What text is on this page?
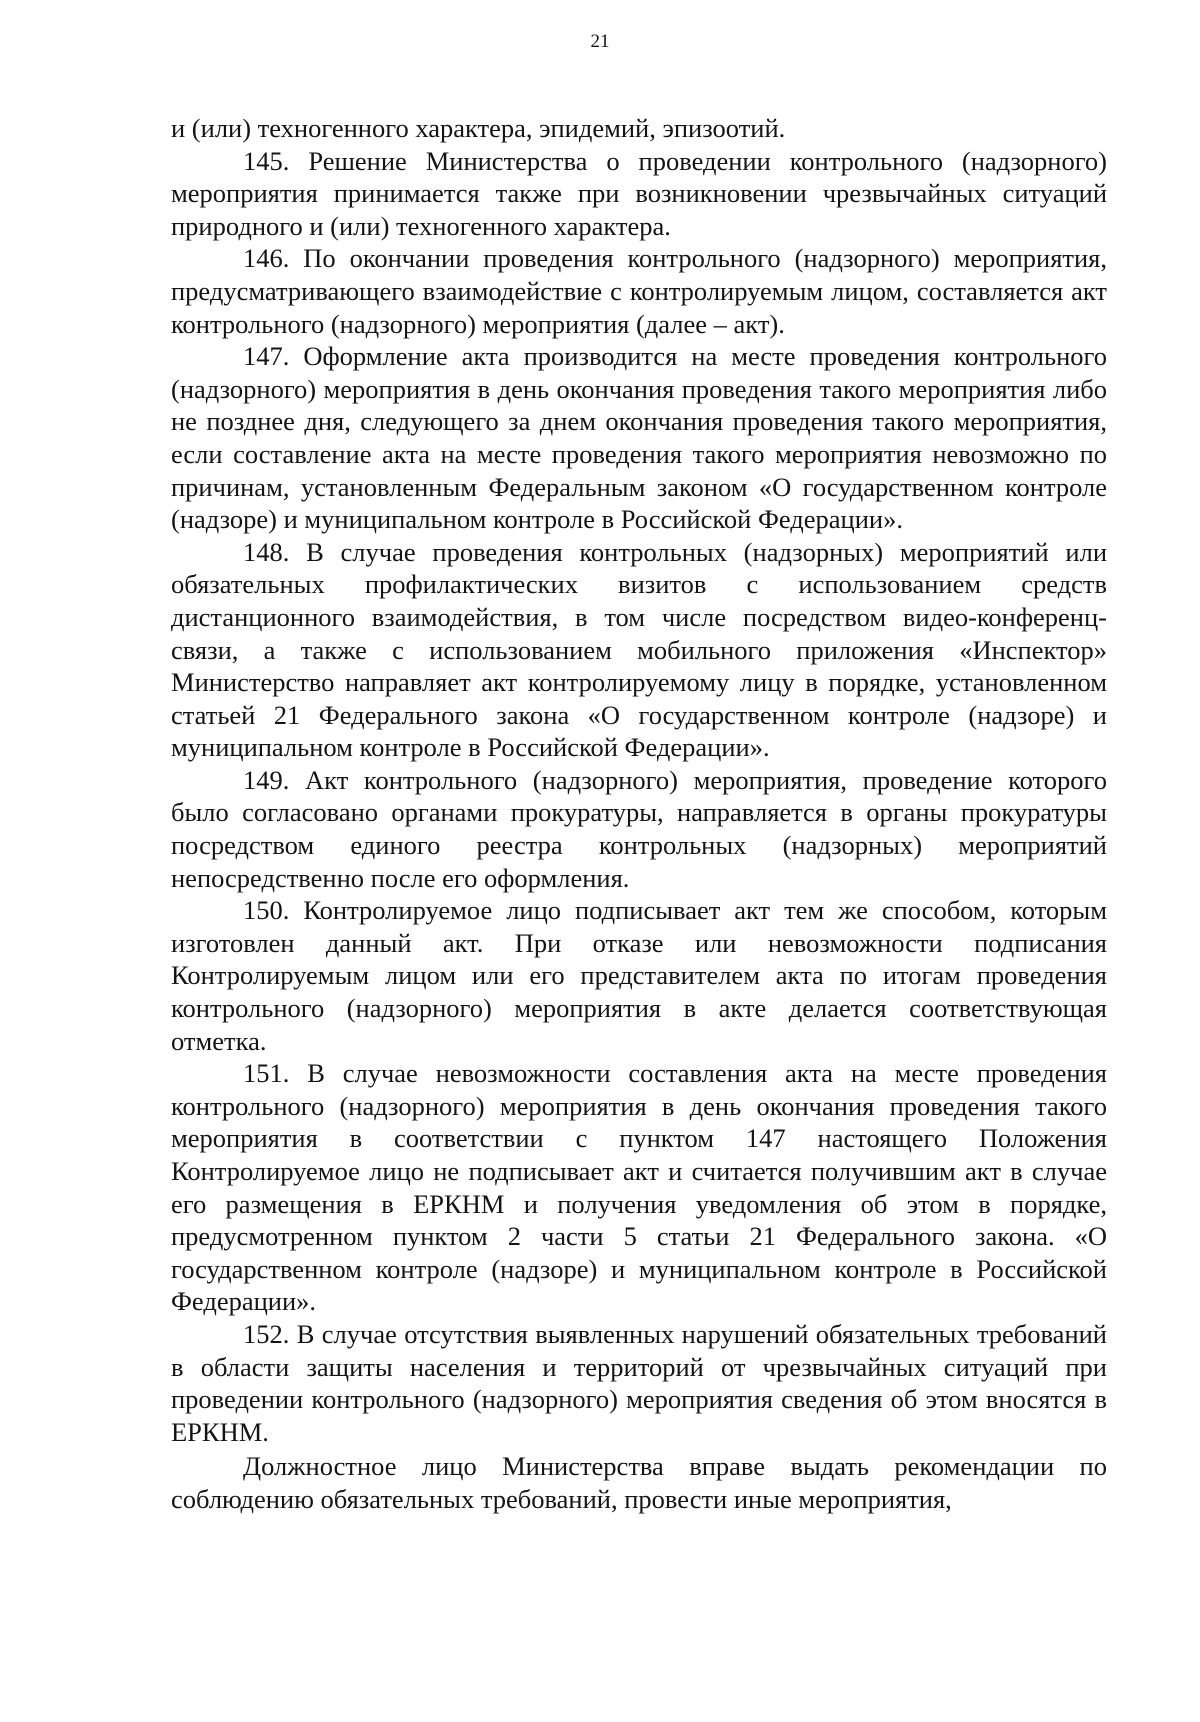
21

и (или) техногенного характера, эпидемий, эпизоотий.

145. Решение Министерства о проведении контрольного (надзорного) мероприятия принимается также при возникновении чрезвычайных ситуаций природного и (или) техногенного характера.

146. По окончании проведения контрольного (надзорного) мероприятия, предусматривающего взаимодействие с контролируемым лицом, составляется акт контрольного (надзорного) мероприятия (далее – акт).

147. Оформление акта производится на месте проведения контрольного (надзорного) мероприятия в день окончания проведения такого мероприятия либо не позднее дня, следующего за днем окончания проведения такого мероприятия, если составление акта на месте проведения такого мероприятия невозможно по причинам, установленным Федеральным законом «О государственном контроле (надзоре) и муниципальном контроле в Российской Федерации».

148. В случае проведения контрольных (надзорных) мероприятий или обязательных профилактических визитов с использованием средств дистанционного взаимодействия, в том числе посредством видео-конференц-связи, а также с использованием мобильного приложения «Инспектор» Министерство направляет акт контролируемому лицу в порядке, установленном статьей 21 Федерального закона «О государственном контроле (надзоре) и муниципальном контроле в Российской Федерации».

149. Акт контрольного (надзорного) мероприятия, проведение которого было согласовано органами прокуратуры, направляется в органы прокуратуры посредством единого реестра контрольных (надзорных) мероприятий непосредственно после его оформления.

150. Контролируемое лицо подписывает акт тем же способом, которым изготовлен данный акт. При отказе или невозможности подписания Контролируемым лицом или его представителем акта по итогам проведения контрольного (надзорного) мероприятия в акте делается соответствующая отметка.

151. В случае невозможности составления акта на месте проведения контрольного (надзорного) мероприятия в день окончания проведения такого мероприятия в соответствии с пунктом 147 настоящего Положения Контролируемое лицо не подписывает акт и считается получившим акт в случае его размещения в ЕРКНМ и получения уведомления об этом в порядке, предусмотренном пунктом 2 части 5 статьи 21 Федерального закона. «О государственном контроле (надзоре) и муниципальном контроле в Российской Федерации».

152. В случае отсутствия выявленных нарушений обязательных требований в области защиты населения и территорий от чрезвычайных ситуаций при проведении контрольного (надзорного) мероприятия сведения об этом вносятся в ЕРКНМ.

Должностное лицо Министерства вправе выдать рекомендации по соблюдению обязательных требований, провести иные мероприятия,
